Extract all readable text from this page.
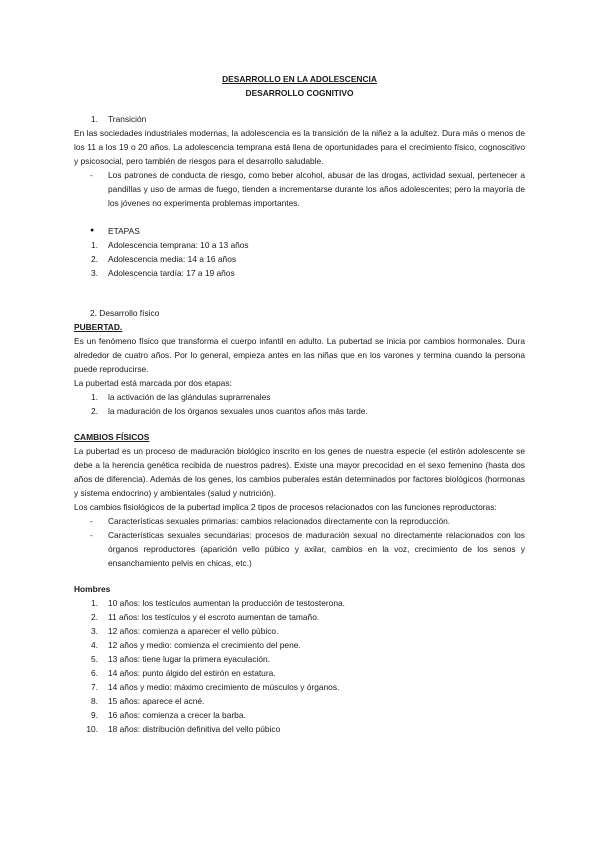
DESARROLLO EN LA ADOLESCENCIA

DESARROLLO COGNITIVO

1.	Transición

En las sociedades industriales modernas, la adolescencia es la transición de la niñez a la adultez. Dura más o menos de los 11 a los 19 o 20 años. La adolescencia temprana está llena de oportunidades para el crecimiento físico, cognoscitivo y psicosocial, pero también de riesgos para el desarrollo saludable.

-	Los patrones de conducta de riesgo, como beber alcohol, abusar de las drogas, actividad sexual, pertenecer a pandillas y uso de armas de fuego, tienden a incrementarse durante los años adolescentes; pero la mayoría de los jóvenes no experimenta problemas importantes.
●	ETAPAS
1.	Adolescencia temprana: 10 a 13 años
2.	Adolescencia media: 14 a 16 años
3.	Adolescencia tardía: 17 a 19 años

2. Desarrollo físico

PUBERTAD.

Es un fenómeno físico que transforma el cuerpo infantil en adulto. La pubertad se inicia por cambios hormonales. Dura alrededor de cuatro años. Por lo general, empieza antes en las niñas que en los varones y termina cuando la persona puede reproducirse.

La pubertad está marcada por dos etapas:

1.	la activación de las glándulas suprarrenales
2.	la maduración de los órganos sexuales unos cuantos años más tarde.

CAMBIOS FÍSICOS

La pubertad es un proceso de maduración biológico inscrito en los genes de nuestra especie (el estirón adolescente se debe a la herencia genética recibida de nuestros padres). Existe una mayor precocidad en el sexo femenino (hasta dos años de diferencia). Además de los genes, los cambios puberales están determinados por factores biológicos (hormonas y sistema endocrino) y ambientales (salud y nutrición).

Los cambios fisiológicos de la pubertad implica 2 tipos de procesos relacionados con las funciones reproductoras:

-	Características sexuales primarias: cambios relacionados directamente con la reproducción.
-	Características sexuales secundarias: procesos de maduración sexual no directamente relacionados con los órganos reproductores (aparición vello púbico y axilar, cambios en la voz, crecimiento de los senos y ensanchamiento pelvis en chicas, etc.)

Hombres

1.	10 años: los testículos aumentan la producción de testosterona.
2.	11 años: los testículos y el escroto aumentan de tamaño.
3.	12 años: comienza a aparecer el vello púbico.
4.	12 años y medio: comienza el crecimiento del pene.
5.	13 años: tiene lugar la primera eyaculación.
6.	14 años: punto álgido del estirón en estatura.
7.	14 años y medio: máximo crecimiento de músculos y órganos.
8.	15 años: aparece el acné.
9.	16 años: comienza a crecer la barba.
10.	18 años: distribución definitiva del vello púbico
